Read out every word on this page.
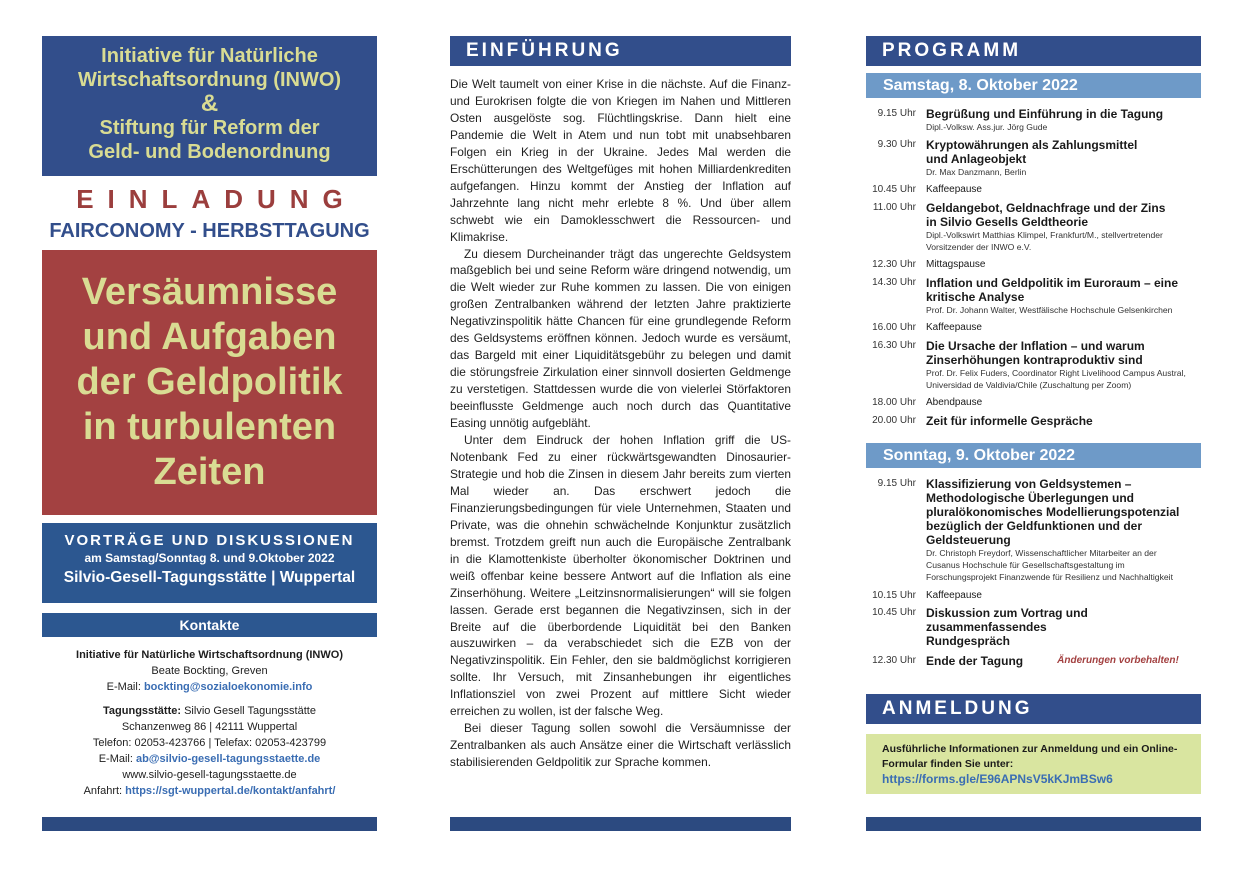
Initiative für Natürliche
Wirtschaftsordnung (INWO)
&
Stiftung für Reform der
Geld- und Bodenordnung
EINLADUNG
FAIRCONOMY - HERBSTTAGUNG
Versäumnisse
und Aufgaben
der Geldpolitik
in turbulenten
Zeiten
VORTRÄGE UND DISKUSSIONEN
am Samstag/Sonntag 8. und 9.Oktober 2022
Silvio-Gesell-Tagungsstätte | Wuppertal
Kontakte
Initiative für Natürliche Wirtschaftsordnung (INWO)
Beate Bockting, Greven
E-Mail: bockting@sozialoekonomie.info
Tagungsstätte: Silvio Gesell Tagungsstätte
Schanzenweg 86 | 42111 Wuppertal
Telefon: 02053-423766 | Telefax: 02053-423799
E-Mail: ab@silvio-gesell-tagungsstaette.de
www.silvio-gesell-tagungsstaette.de
Anfahrt: https://sgt-wuppertal.de/kontakt/anfahrt/
EINFÜHRUNG

Die Welt taumelt von einer Krise in die nächste. Auf die Finanz- und Eurokrisen folgte die von Kriegen im Nahen und Mittleren Osten ausgelöste sog. Flüchtlingskrise. Dann hielt eine Pandemie die Welt in Atem und nun tobt mit unabsehbaren Folgen ein Krieg in der Ukraine. Jedes Mal werden die Erschütterungen des Weltgefüges mit hohen Milliardenkrediten aufgefangen. Hinzu kommt der Anstieg der Inflation auf Jahrzehnte lang nicht mehr erlebte 8 %. Und über allem schwebt wie ein Damoklesschwert die Ressourcen- und Klimakrise.

Zu diesem Durcheinander trägt das ungerechte Geldsystem maßgeblich bei und seine Reform wäre dringend notwendig, um die Welt wieder zur Ruhe kommen zu lassen. Die von einigen großen Zentralbanken während der letzten Jahre praktizierte Negativzinspolitik hätte Chancen für eine grundlegende Reform des Geldsystems eröffnen können. Jedoch wurde es versäumt, das Bargeld mit einer Liquiditätsgebühr zu belegen und damit die störungsfreie Zirkulation einer sinnvoll dosierten Geldmenge zu verstetigen. Stattdessen wurde die von vielerlei Störfaktoren beeinflusste Geldmenge auch noch durch das Quantitative Easing unnötig aufgebläht.

Unter dem Eindruck der hohen Inflation griff die US-Notenbank Fed zu einer rückwärtsgewandten Dinosaurier-Strategie und hob die Zinsen in diesem Jahr bereits zum vierten Mal wieder an. Das erschwert jedoch die Finanzierungsbedingungen für viele Unternehmen, Staaten und Private, was die ohnehin schwächelnde Konjunktur zusätzlich bremst. Trotzdem greift nun auch die Europäische Zentralbank in die Klamottenkiste überholter ökonomischer Doktrinen und weiß offenbar keine bessere Antwort auf die Inflation als eine Zinserhöhung. Weitere „Leitzinsnormalisierungen“ will sie folgen lassen. Gerade erst begannen die Negativzinsen, sich in der Breite auf die überbordende Liquidität bei den Banken auszuwirken – da verabschiedet sich die EZB von der Negativzinspolitik. Ein Fehler, den sie baldmöglichst korrigieren sollte. Ihr Versuch, mit Zinsanhebungen ihr eigentliches Inflationsziel von zwei Prozent auf mittlere Sicht wieder erreichen zu wollen, ist der falsche Weg.

Bei dieser Tagung sollen sowohl die Versäumnisse der Zentralbanken als auch Ansätze einer die Wirtschaft verlässlich stabilisierenden Geldpolitik zur Sprache kommen.

PROGRAMM
Samstag, 8. Oktober 2022
9.15 Uhr Begrüßung und Einführung in die Tagung
Dipl.-Volksw. Ass.jur. Jörg Gude
9.30 Uhr Kryptowährungen als Zahlungsmittel und Anlageobjekt
Dr. Max Danzmann, Berlin
10.45 Uhr	Kaffeepause
11.00 Uhr Geldangebot, Geldnachfrage und der Zins in Silvio Gesells Geldtheorie
Dipl.-Volkswirt Matthias Klimpel, Frankfurt/M., stellvertretender Vorsitzender der INWO e.V.
12.30 Uhr	Mittagspause
14.30 Uhr Inflation und Geldpolitik im Euroraum – eine kritische Analyse
Prof. Dr. Johann Walter, Westfälische Hochschule Gelsenkirchen
16.00 Uhr	Kaffeepause
16.30 Uhr Die Ursache der Inflation – und warum Zinserhöhungen kontraproduktiv sind
Prof. Dr. Felix Fuders, Coordinator Right Livelihood Campus Austral, Universidad de Valdivia/Chile (Zuschaltung per Zoom)
18.00 Uhr	Abendpause
20.00 Uhr Zeit für informelle Gespräche
Sonntag, 9. Oktober 2022
9.15 Uhr Klassifizierung von Geldsystemen – Methodologische Überlegungen und pluralökonomisches Modellierungspotenzial bezüglich der Geldfunktionen und der Geldsteuerung
Dr. Christoph Freydorf, Wissenschaftlicher Mitarbeiter an der Cusanus Hochschule für Gesellschaftsgestaltung im Forschungsprojekt Finanzwende für Resilienz und Nachhaltigkeit
10.15 Uhr	Kaffeepause
10.45 Uhr Diskussion zum Vortrag und zusammenfassendes Rundgespräch
12.30 Uhr Ende der Tagung	Änderungen vorbehalten!
ANMELDUNG
Ausführliche Informationen zur Anmeldung und ein Online-Formular finden Sie unter:
https://forms.gle/E96APNsV5kKJmBSw6
